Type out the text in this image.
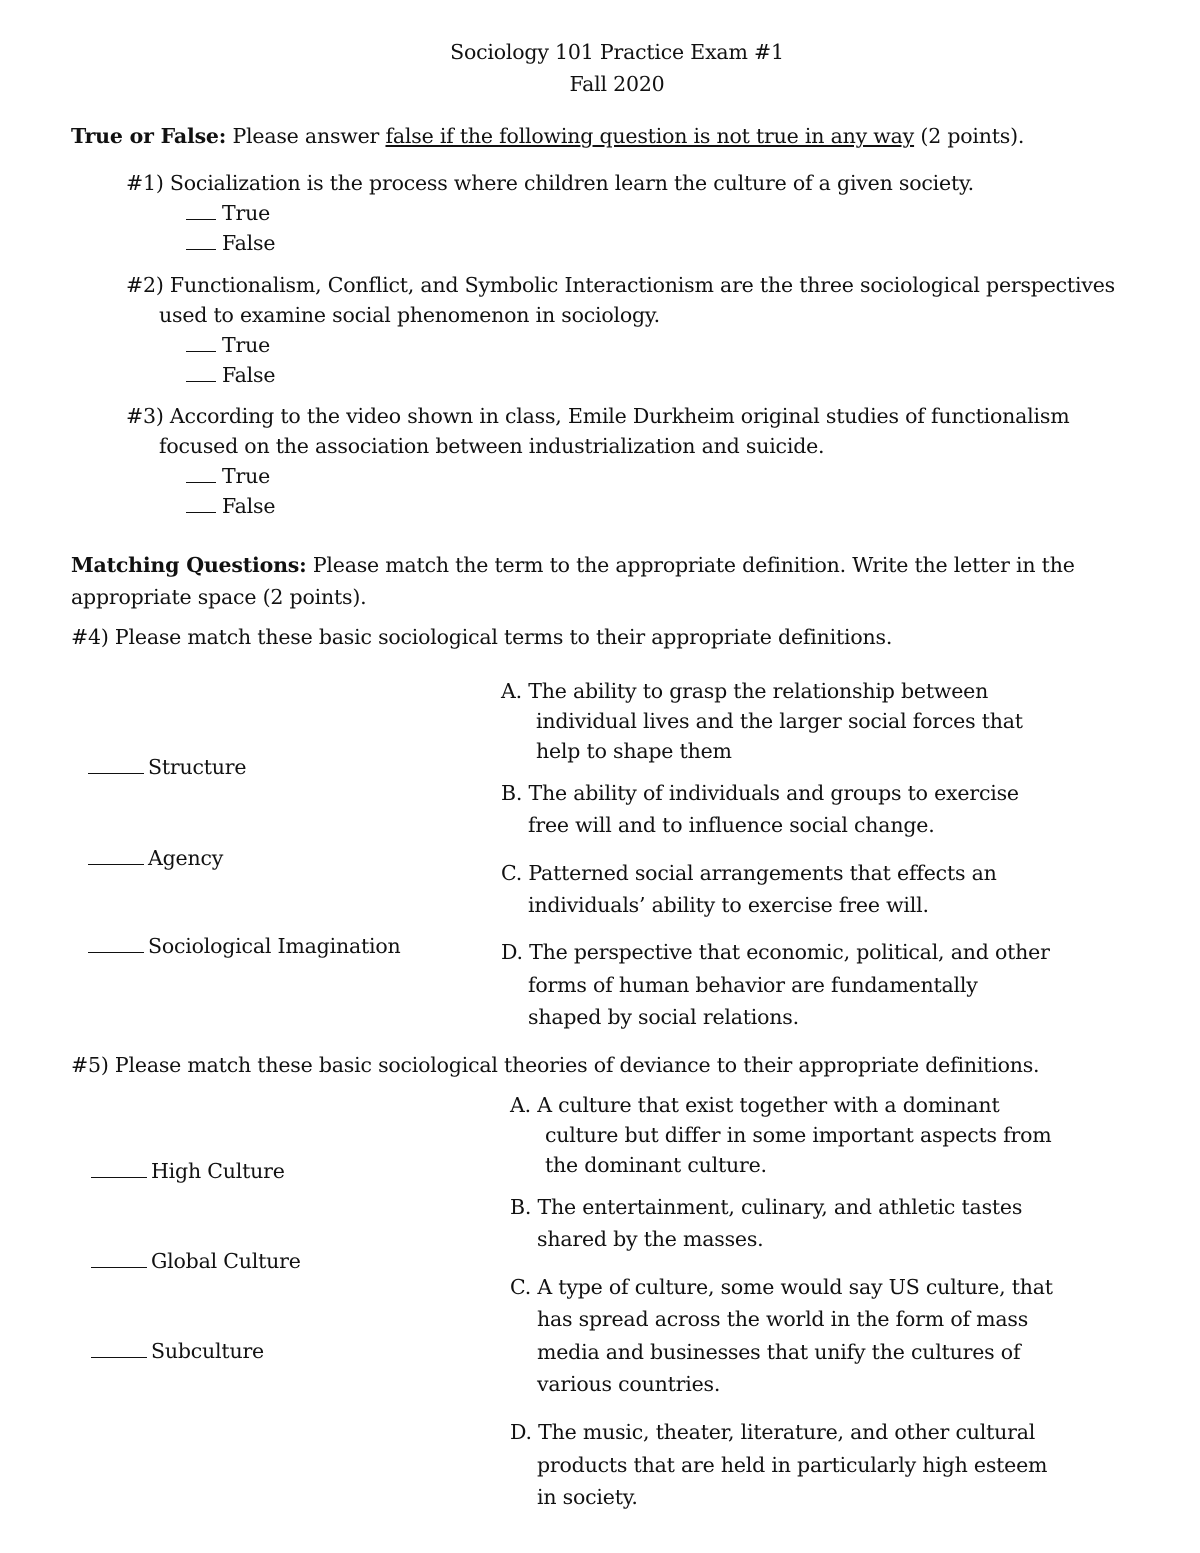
Sociology 101 Practice Exam #1
Fall 2020
True or False: Please answer false if the following question is not true in any way (2 points).
#1) Socialization is the process where children learn the culture of a given society.
True
False
#2) Functionalism, Conflict, and Symbolic Interactionism are the three sociological perspectives
used to examine social phenomenon in sociology.
True
False
#3) According to the video shown in class, Emile Durkheim original studies of functionalism
focused on the association between industrialization and suicide.
True
False
Matching Questions: Please match the term to the appropriate definition. Write the letter in the
appropriate space (2 points).
#4) Please match these basic sociological terms to their appropriate definitions.
Structure
Agency
Sociological Imagination
A. The ability to grasp the relationship between
individual lives and the larger social forces that
help to shape them
B. The ability of individuals and groups to exercise
free will and to influence social change.
C. Patterned social arrangements that effects an
individuals’ ability to exercise free will.
D. The perspective that economic, political, and other
forms of human behavior are fundamentally
shaped by social relations.
#5) Please match these basic sociological theories of deviance to their appropriate definitions.
High Culture
Global Culture
Subculture
A. A culture that exist together with a dominant
culture but differ in some important aspects from
the dominant culture.
B. The entertainment, culinary, and athletic tastes
shared by the masses.
C. A type of culture, some would say US culture, that
has spread across the world in the form of mass
media and businesses that unify the cultures of
various countries.
D. The music, theater, literature, and other cultural
products that are held in particularly high esteem
in society.
